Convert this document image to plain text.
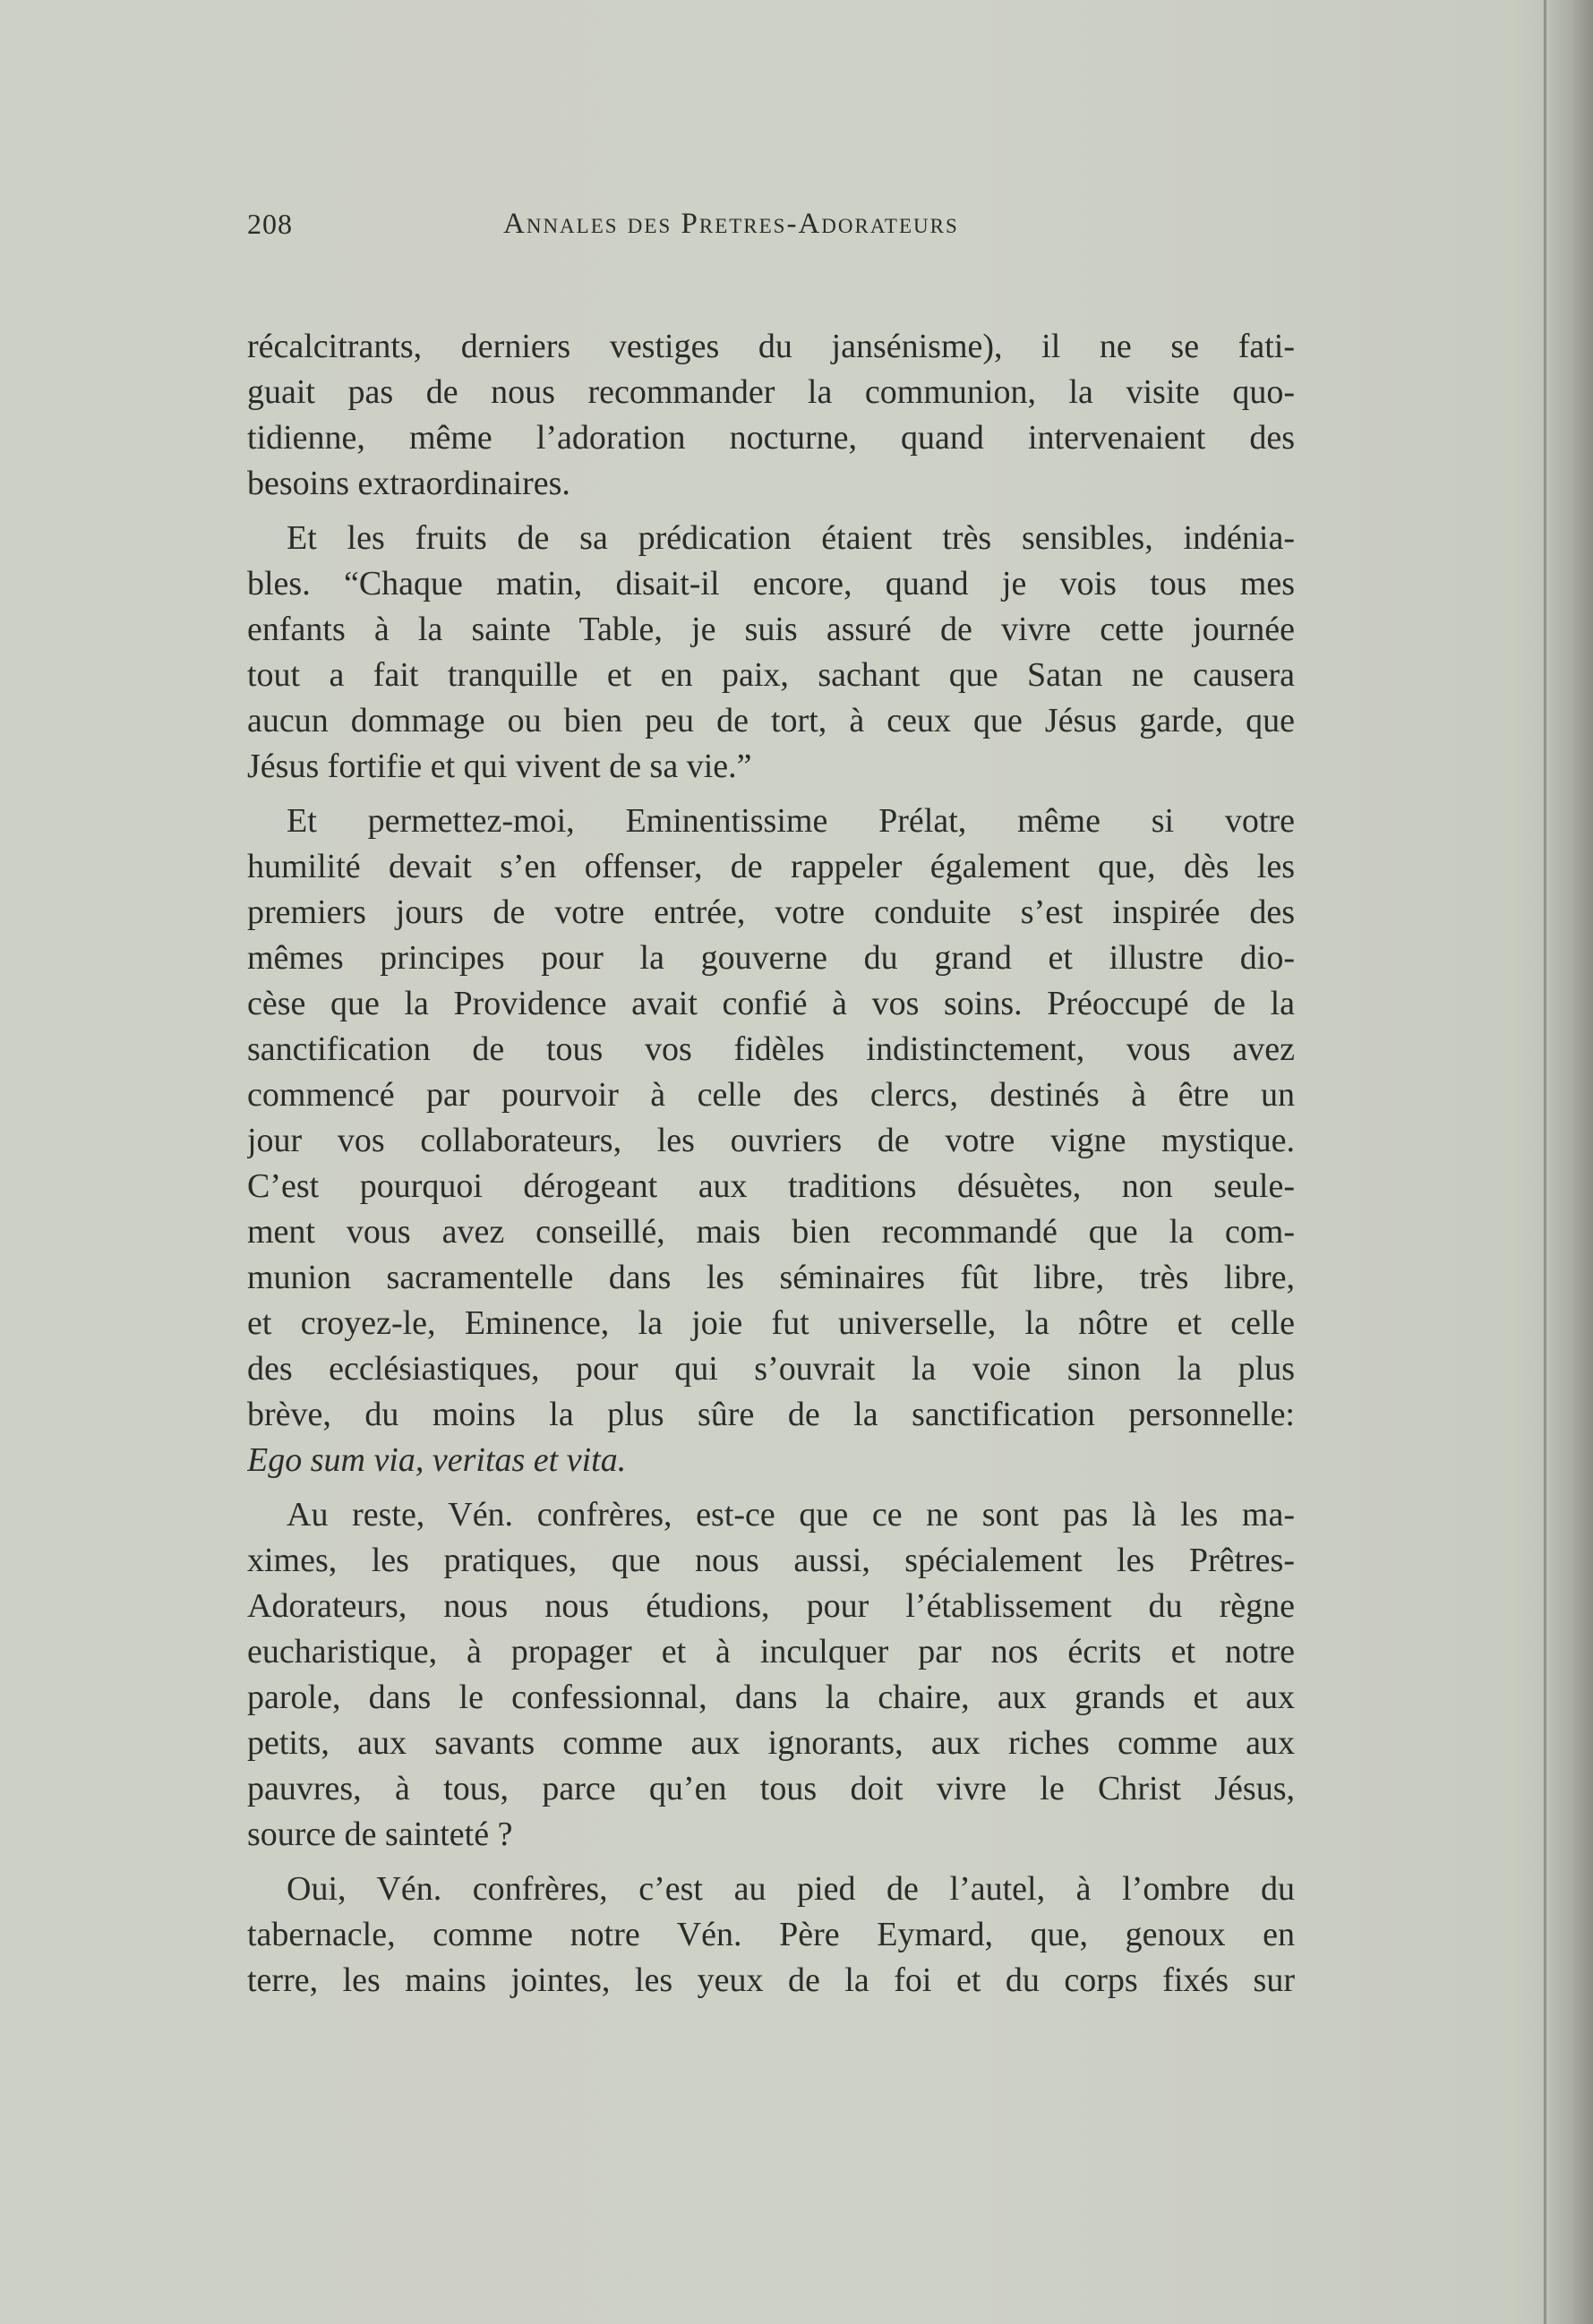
208	Annales des Pretres-Adorateurs
récalcitrants, derniers vestiges du jansénisme), il ne se fati-
guait pas de nous recommander la communion, la visite quo-
tidienne, même l’adoration nocturne, quand intervenaient des
besoins extraordinaires.
Et les fruits de sa prédication étaient très sensibles, indénia-
bles. “Chaque matin, disait-il encore, quand je vois tous mes
enfants à la sainte Table, je suis assuré de vivre cette journée
tout a fait tranquille et en paix, sachant que Satan ne causera
aucun dommage ou bien peu de tort, à ceux que Jésus garde, que
Jésus fortifie et qui vivent de sa vie.”
Et permettez-moi, Eminentissime Prélat, même si votre
humilité devait s’en offenser, de rappeler également que, dès les
premiers jours de votre entrée, votre conduite s’est inspirée des
mêmes principes pour la gouverne du grand et illustre dio-
cèse que la Providence avait confié à vos soins. Préoccupé de la
sanctification de tous vos fidèles indistinctement, vous avez
commencé par pourvoir à celle des clercs, destinés à être un
jour vos collaborateurs, les ouvriers de votre vigne mystique.
C’est pourquoi dérogeant aux traditions désuètes, non seule-
ment vous avez conseillé, mais bien recommandé que la com-
munion sacramentelle dans les séminaires fût libre, très libre,
et croyez-le, Eminence, la joie fut universelle, la nôtre et celle
des ecclésiastiques, pour qui s’ouvrait la voie sinon la plus
brève, du moins la plus sûre de la sanctification personnelle:
Ego sum via, veritas et vita.
Au reste, Vén. confrères, est-ce que ce ne sont pas là les ma-
ximes, les pratiques, que nous aussi, spécialement les Prêtres-
Adorateurs, nous nous étudions, pour l’établissement du règne
eucharistique, à propager et à inculquer par nos écrits et notre
parole, dans le confessionnal, dans la chaire, aux grands et aux
petits, aux savants comme aux ignorants, aux riches comme aux
pauvres, à tous, parce qu’en tous doit vivre le Christ Jésus,
source de sainteté ?
Oui, Vén. confrères, c’est au pied de l’autel, à l’ombre du
tabernacle, comme notre Vén. Père Eymard, que, genoux en
terre, les mains jointes, les yeux de la foi et du corps fixés sur
